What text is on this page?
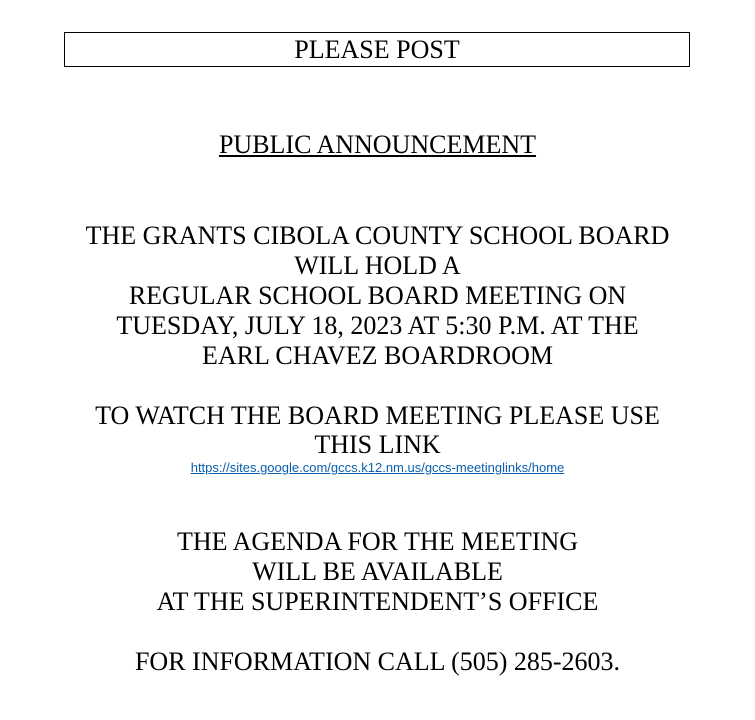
PLEASE POST
PUBLIC ANNOUNCEMENT
THE GRANTS CIBOLA COUNTY SCHOOL BOARD
WILL HOLD A
REGULAR SCHOOL BOARD MEETING ON
TUESDAY, JULY 18, 2023 AT 5:30 P.M. AT THE
EARL CHAVEZ BOARDROOM
TO WATCH THE BOARD MEETING PLEASE USE
THIS LINK
https://sites.google.com/gccs.k12.nm.us/gccs-meetinglinks/home
THE AGENDA FOR THE MEETING
WILL BE AVAILABLE
AT THE SUPERINTENDENT’S OFFICE
FOR INFORMATION CALL (505) 285-2603.
